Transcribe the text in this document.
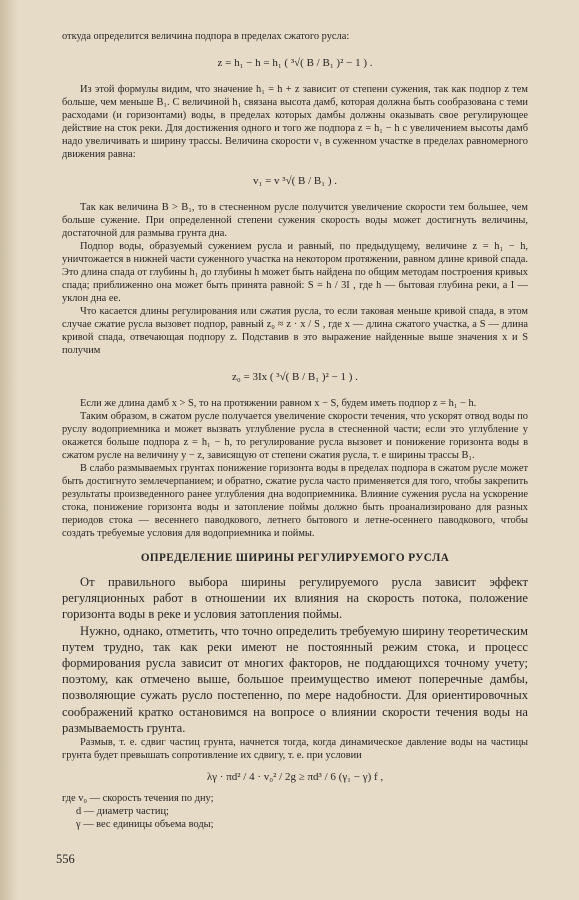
откуда определится величина подпора в пределах сжатого русла:
z = h₁ − h = h₁ ( ³√( B / B₁ )² − 1 ) .
Из этой формулы видим, что значение h₁ = h + z зависит от степени сужения, так как подпор z тем больше, чем меньше B₁. С величиной h₁ связана высота дамб, которая должна быть сообразована с теми расходами (и горизонтами) воды, в пределах которых дамбы должны оказывать свое регулирующее действие на сток реки. Для достижения одного и того же подпора z = h₁ − h с увеличением высоты дамб надо увеличивать и ширину трассы. Величина скорости v₁ в суженном участке в пределах равномерного движения равна:
v₁ = v ³√( B / B₁ ) .
Так как величина B > B₁, то в стесненном русле получится увеличение скорости тем большее, чем больше сужение. При определенной степени сужения скорость воды может достигнуть величины, достаточной для размыва грунта дна.
Подпор воды, образуемый сужением русла и равный, по предыдущему, величине z = h₁ − h, уничтожается в нижней части суженного участка на некотором протяжении, равном длине кривой спада. Это длина спада от глубины h₁ до глубины h может быть найдена по общим методам построения кривых спада; приближенно она может быть принята равной: S = h / 3I , где h — бытовая глубина реки, а I — уклон дна ее.
Что касается длины регулирования или сжатия русла, то если таковая меньше кривой спада, в этом случае сжатие русла вызовет подпор, равный z₀ ≈ z · x / S , где x — длина сжатого участка, а S — длина кривой спада, отвечающая подпору z. Подставив в это выражение найденные выше значения x и S получим
z₀ = 3Ix ( ³√( B / B₁ )² − 1 ) .
Если же длина дамб x > S, то на протяжении равном x − S, будем иметь подпор z = h₁ − h.
Таким образом, в сжатом русле получается увеличение скорости течения, что ускорят отвод воды по руслу водоприемника и может вызвать углубление русла в стесненной части; если это углубление y окажется больше подпора z = h₁ − h, то регулирование русла вызовет и понижение горизонта воды в сжатом русле на величину y − z, зависящую от степени сжатия русла, т. е ширины трассы B₁.
В слабо размываемых грунтах понижение горизонта воды в пределах подпора в сжатом русле может быть достигнуто землечерпанием; и обратно, сжатие русла часто применяется для того, чтобы закрепить результаты произведенного ранее углубления дна водоприемника. Влияние сужения русла на ускорение стока, понижение горизонта воды и затопление поймы должно быть проанализировано для разных периодов стока — весеннего паводкового, летнего бытового и летне-осеннего паводкового, чтобы создать требуемые условия для водоприемника и поймы.
ОПРЕДЕЛЕНИЕ ШИРИНЫ РЕГУЛИРУЕМОГО РУСЛА
От правильного выбора ширины регулируемого русла зависит эффект регуляционных работ в отношении их влияния на скорость потока, положение горизонта воды в реке и условия затопления поймы.
Нужно, однако, отметить, что точно определить требуемую ширину теоретическим путем трудно, так как реки имеют не постоянный режим стока, и процесс формирования русла зависит от многих факторов, не поддающихся точному учету; поэтому, как отмечено выше, большое преимущество имеют поперечные дамбы, позволяющие сужать русло постепенно, по мере надобности. Для ориентировочных соображений кратко остановимся на вопросе о влиянии скорости течения воды на размываемость грунта.
Размыв, т. е. сдвиг частиц грунта, начнется тогда, когда динамическое давление воды на частицы грунта будет превышать сопротивление их сдвигу, т. е. при условии
λγ · πd² / 4 · v₀² / 2g ≥ πd³ / 6 (γ₁ − γ) f ,
где v₀ — скорость течения по дну;
d — диаметр частиц;
γ — вес единицы объема воды;
556
